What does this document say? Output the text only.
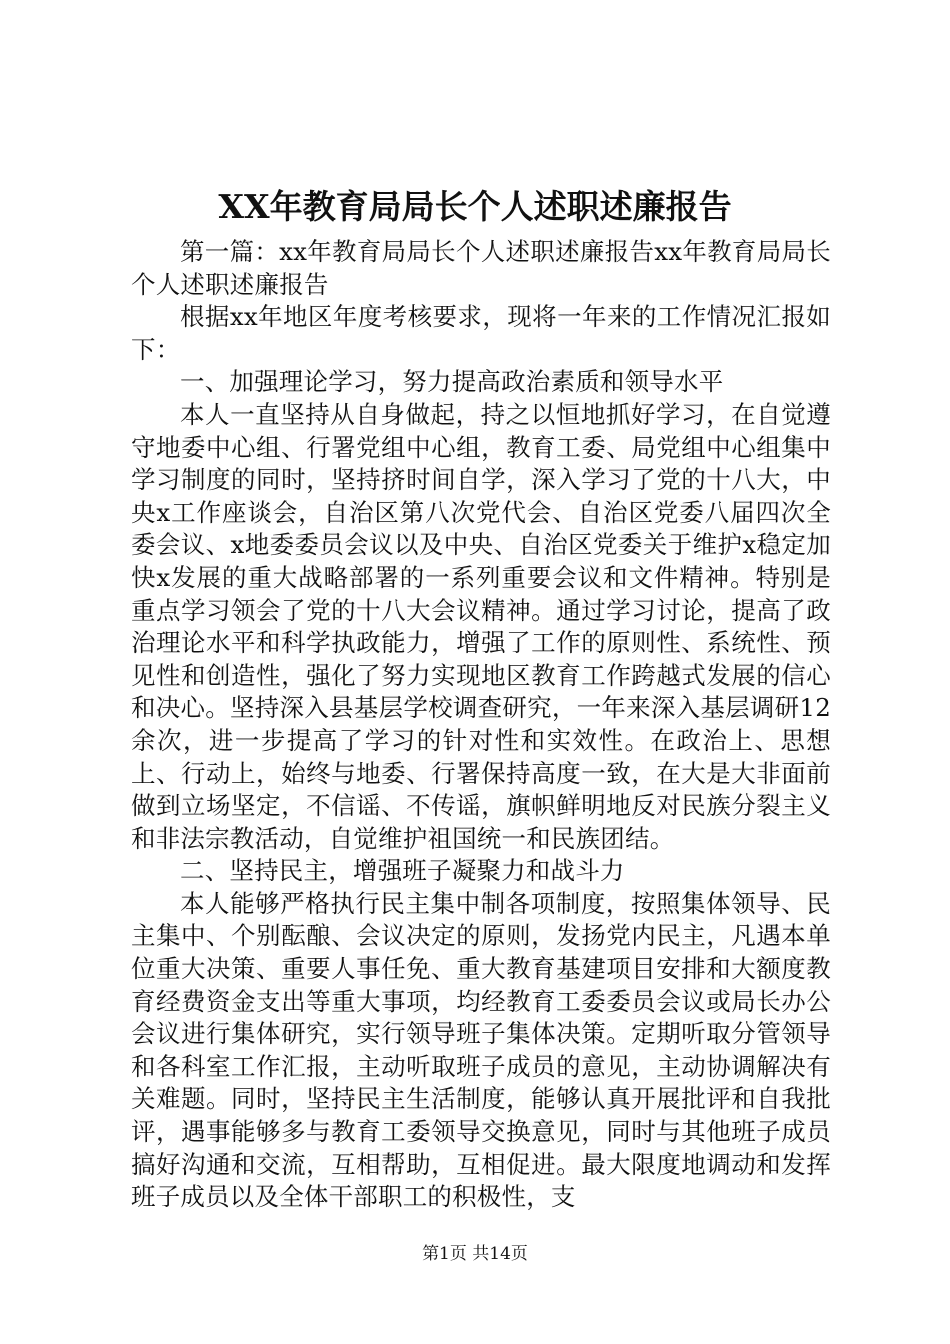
XX年教育局局长个人述职述廉报告

第一篇：xx年教育局局长个人述职述廉报告xx年教育局局长个人述职述廉报告

根据xx年地区年度考核要求，现将一年来的工作情况汇报如下：

一、加强理论学习，努力提高政治素质和领导水平

本人一直坚持从自身做起，持之以恒地抓好学习，在自觉遵守地委中心组、行署党组中心组，教育工委、局党组中心组集中学习制度的同时，坚持挤时间自学，深入学习了党的十八大，中央x工作座谈会，自治区第八次党代会、自治区党委八届四次全委会议、x地委委员会议以及中央、自治区党委关于维护x稳定加快x发展的重大战略部署的一系列重要会议和文件精神。特别是重点学习领会了党的十八大会议精神。通过学习讨论，提高了政治理论水平和科学执政能力，增强了工作的原则性、系统性、预见性和创造性，强化了努力实现地区教育工作跨越式发展的信心和决心。坚持深入县基层学校调查研究，一年来深入基层调研12余次，进一步提高了学习的针对性和实效性。在政治上、思想上、行动上，始终与地委、行署保持高度一致，在大是大非面前做到立场坚定，不信谣、不传谣，旗帜鲜明地反对民族分裂主义和非法宗教活动，自觉维护祖国统一和民族团结。

二、坚持民主，增强班子凝聚力和战斗力

本人能够严格执行民主集中制各项制度，按照集体领导、民主集中、个别酝酿、会议决定的原则，发扬党内民主，凡遇本单位重大决策、重要人事任免、重大教育基建项目安排和大额度教育经费资金支出等重大事项，均经教育工委委员会议或局长办公会议进行集体研究，实行领导班子集体决策。定期听取分管领导和各科室工作汇报，主动听取班子成员的意见，主动协调解决有关难题。同时，坚持民主生活制度，能够认真开展批评和自我批评，遇事能够多与教育工委领导交换意见，同时与其他班子成员搞好沟通和交流，互相帮助，互相促进。最大限度地调动和发挥班子成员以及全体干部职工的积极性，支

第1页 共14页
